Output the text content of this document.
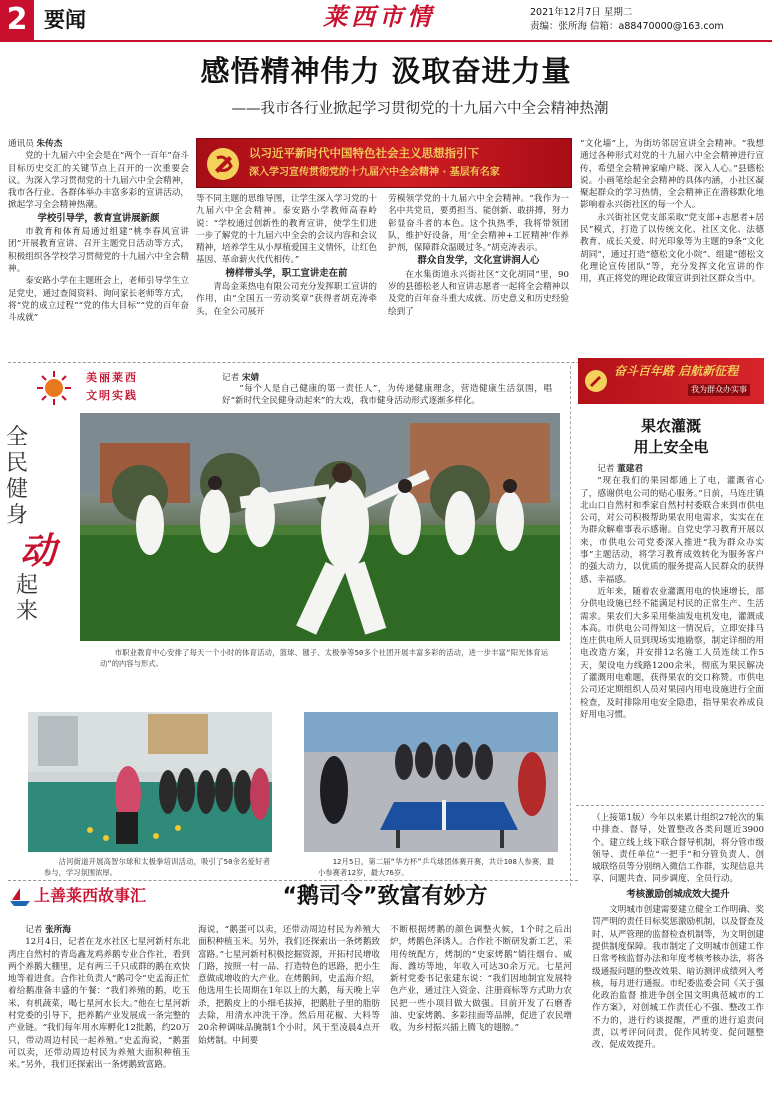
2 要闻	莱西市情	2021年12月7日 星期二
责编：张所海 信箱：a88470000@163.com
感悟精神伟力 汲取奋进力量
——我市各行业掀起学习贯彻党的十九届六中全会精神热潮
以习近平新时代中国特色社会主义思想指引下
深入学习宣传贯彻党的十九届六中全会精神 · 基层有名家

通讯员 朱传杰

党的十九届六中全会是在“两个一百年”奋斗目标历史交汇的关键节点上召开的一次重要会议。为深入学习贯彻党的十九届六中全会精神，我市各行业、各群体举办丰富多彩的宣讲活动，掀起学习全会精神热潮。

学校引导学，教育宣讲展新颜

市教育和体育局通过组建“桃李春风宣讲团”开展教育宣讲、召开主题党日活动等方式，积极组织各学校学习贯彻党的十九届六中全会精神。

泰安路小学在主题班会上，老师引导学生立足党史，通过查阅资料、询问家长老师等方式，将“党的成立过程”“党的伟大目标”“党的百年奋斗成就”

等不同主题的思维导图，让学生深入学习党的十九届六中全会精神。泰安路小学教师高春岭说：“学校通过创新性的教育宣讲，使学生们进一步了解党的十九届六中全会的会议内容和会议精神，培养学生从小厚植爱国主义情怀，让红色基因、革命薪火代代相传。”

榜样带头学，职工宣讲走在前

青岛金莱热电有限公司充分发挥职工宣讲的作用，由“全国五一劳动奖章”获得者胡克涛牵头，在全公司展开

劳模领学党的十九届六中全会精神。“我作为一名中共党员，要勇担当、能创新、敢拼搏，努力彰显奋斗者的本色。这个执热季，我将带领团队，维护好设备，用‘全会精神+工匠精神’作养护剂，保障群众温暖过冬。”胡克涛表示。

群众自发学，文化宣讲润人心

在水集街道永兴街社区“文化胡同”里，90岁的县德松老人和宣讲志愿者一起将全会精神以及党的百年奋斗重大成就、历史意义和历史经验绘到了

“文化墙”上，为街坊邻居宣讲全会精神。“我想通过各种形式对党的十九届六中全会精神进行宣传，希望全会精神家喻户晓、深入人心。”县德松说。小画笔绘起全会精神的具体内涵，小社区凝聚起群众的学习热情，全会精神正在潜移默化地影响着永兴街社区的每一个人。

永兴街社区党支部采取“党支部+志愿者+居民”模式，打造了以传统文化、社区文化、法德教育、成长关爱、时光印象等为主题的9条“文化胡同”，通过打造“德松文化小院”、组建“德松文化理论宣传团队”等，充分发挥文化宣讲的作用，真正将党的理论政策宣讲到社区群众当中。

美丽莱西
文明实践
记者 宋婧
“每个人是自己健康的第一责任人”，为传递健康理念，营造健康生活氛围，唱好“新时代全民健身动起来”的大戏，我市健身活动形式逐渐多样化。
全
民
健
身
动
起
来
市职业教育中心安排了每天一个小时的体育活动，篮球、毽子、太极拳等50多个社团开展丰富多彩的活动，进一步丰富“阳光体育运动”的内容与形式。
沽河街道开展高智尔球和太极拳培训活动，吸引了50余名爱好者参与，学习氛围浓厚。
12月5日，第二届“华方杯”乒乓球团体赛开赛，共计108人参赛，最小参赛者12岁，最大76岁。
奋斗百年路 启航新征程
我为群众办实事
果农灌溉
用上安全电

记者 董建君

“现在我们的果园都通上了电，灌溉省心了，感谢供电公司的贴心服务。”日前，马连庄镇北山口自然村和季家自然村村委联合来到市供电公司，对公司积极帮助果农用电需求，实实在在为群众解难事表示感谢。自党史学习教育开展以来，市供电公司党委深入推进“我为群众办实事”主题活动，将学习教育成效转化为服务客户的强大动力，以优质的服务提高人民群众的获得感、幸福感。

近年来，随着农业灌溉用电的快速增长，部分供电设施已经不能满足村民的正常生产、生活需求。果农们大多采用柴油发电机发电，灌溉成本高。市供电公司得知这一情况后，立即安排马连庄供电所人员到现场实地勘察，制定详细的用电改造方案，并安排12名施工人员连续工作5天，架设电力线路1200余米，彻底为果民解决了灌溉用电难题，获得果农的交口称赞。市供电公司还定期组织人员对果园内用电设施进行全面检查，及时排除用电安全隐患，指导果农养成良好用电习惯。

（上接第1版）今年以来累计组织27轮次的集中排查、督导，处置整改各类问题近3900个。建立线上线下联合督导机制，将分管市级领导、责任单位“一把手”和分管负责人、创城联络员等分别纳入微信工作群，实现信息共享、问题共查、同步调度、全员行动。

考核激励创城成效大提升

文明城市创建需要建立健全工作明确、奖罚严明的责任目标奖惩激励机制，以及督查及时、从严管理的监督检查机制等，为文明创建提供制度保障。我市制定了文明城市创建工作日常考核监督办法和年度考核考核办法，将各级通报问题的整改效果、暗访测评成绩列入考核，每月进行通报。市纪委监委会同《关于强化政治监督 推进争创全国文明典范城市的工作方案》，对创城工作责任心不强、整改工作不力的，进行约谈提醒，严重的进行追责问责，以考评问问责，促作风转变、促问题整改、促成效提升。

上善莱西故事汇	“鹅司令”致富有妙方

记者 张所海

12月4日，记者在龙水社区七星河新村东北湾庄自然村的青岛鑫龙鸡养鹅专业合作社，看到两个养鹅大棚里，足有两三千只成群的鹅在欢快地等着进食。合作社负责人“鹅司令”史孟海正忙着给鹅准备丰盛的午餐：“我们养殖的鹅，吃玉米、有机蔬菜，喝七星河水长大。”他在七星河新村党委的引导下，把养鹅产业发展成一条完整的产业链。“我们每年用水库孵化12批鹅，约20万只，带动周边村民一起养殖。”史孟海说，“鹅蛋可以卖，还带动周边村民为养殖大面积种植玉米。”另外，我们还探索出一条烤鹅致富路。

海说，“鹅蛋可以卖，还带动周边村民为养殖大面积种植玉米。另外，我们还探索出一条烤鹅致富路。”七星河新村积极挖掘资源，开拓村民增收门路，按照一村一品、打造特色的思路，把小生意做成增收的大产业。在烤鹅间，史孟海介绍，他选用生长周期在1年以上的大鹅，每天晚上宰杀，把鹅皮上的小细毛拔掉，把鹅肚子里的脂肪去除，用清水冲洗干净。然后用花椒、大料等20余种调味品腌制1个小时，风干至凌晨4点开始烤制。中间要

不断根据烤鹅的颜色调整火候，1个时之后出炉，烤鹅色泽诱人。合作社不断研发新工艺，采用传统配方，烤制的“史家烤鹅”销往烟台、威海、潍坊等地，年收入可达30余万元。七星河新村党委书记张建东说：“我们因地制宜发展特色产业，通过注入资金、注册商标等方式助力农民把一些小项目做大做强。目前开发了石磨香油、史家烤鹅、多彩挂面等品牌，促进了农民增收，为乡村振兴插上腾飞的翅膀。”
